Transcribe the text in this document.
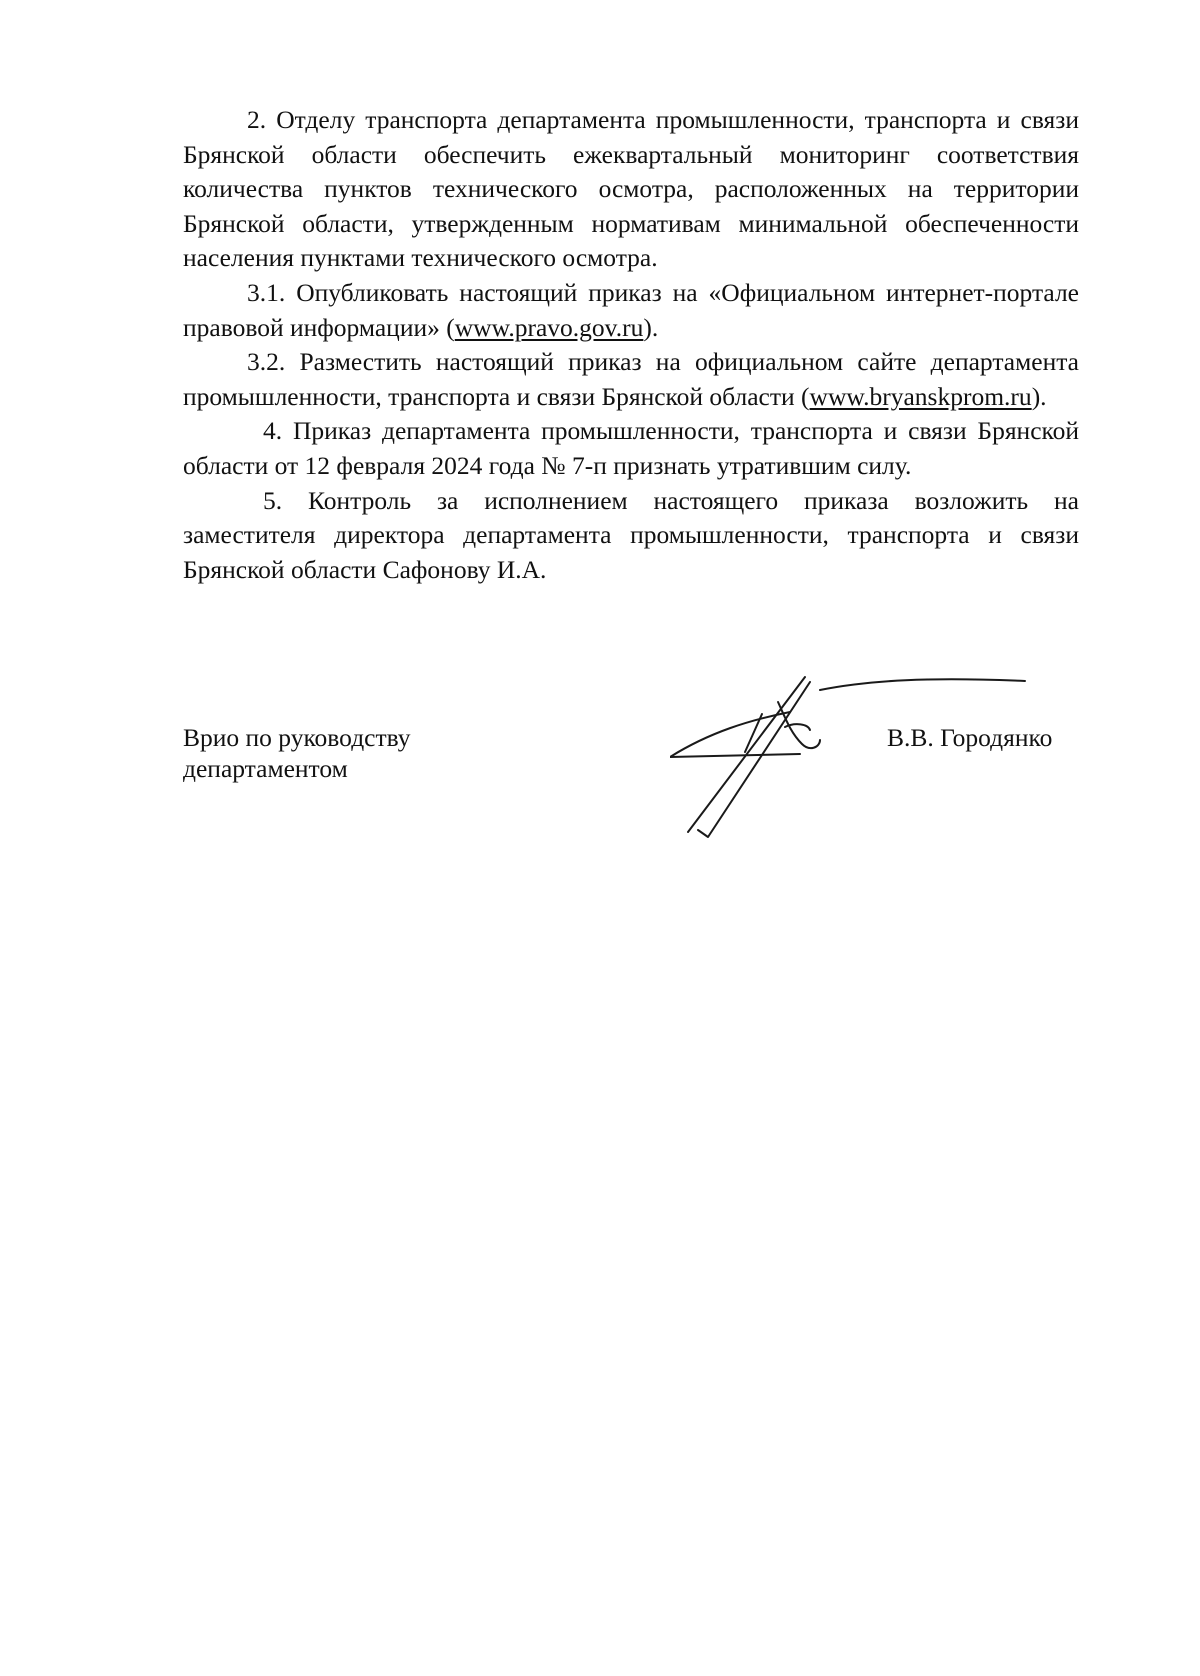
2. Отделу транспорта департамента промышленности, транспорта и связи Брянской области обеспечить ежеквартальный мониторинг соответствия количества пунктов технического осмотра, расположенных на территории Брянской области, утвержденным нормативам минимальной обеспеченности населения пунктами технического осмотра.

3.1. Опубликовать настоящий приказ на «Официальном интернет-портале правовой информации» (www.pravo.gov.ru).

3.2. Разместить настоящий приказ на официальном сайте департамента промышленности, транспорта и связи Брянской области (www.bryanskprom.ru).

4. Приказ департамента промышленности, транспорта и связи Брянской области от 12 февраля 2024 года № 7-п признать утратившим силу.

5. Контроль за исполнением настоящего приказа возложить на заместителя директора департамента промышленности, транспорта и связи Брянской области Сафонову И.А.

Врио по руководству
департаментом
В.В. Городянко
